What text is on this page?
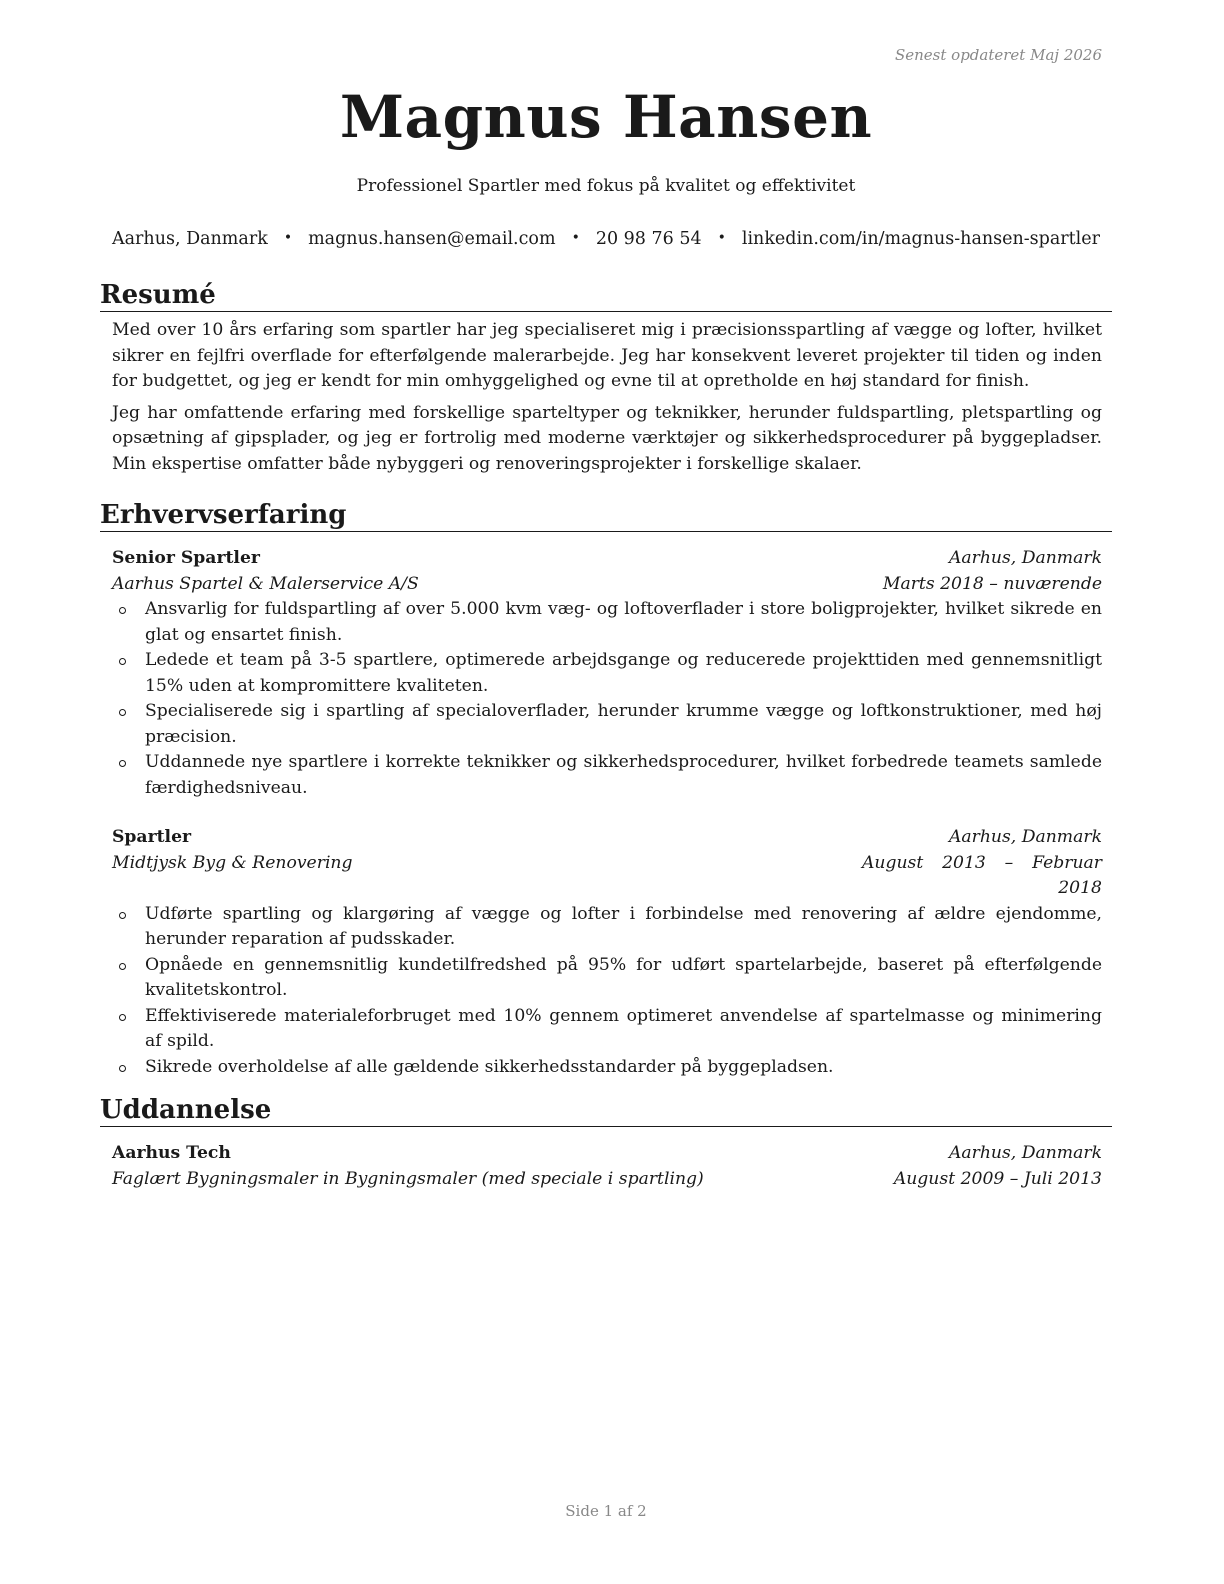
Senest opdateret Maj 2026
Magnus Hansen
Professionel Spartler med fokus på kvalitet og effektivitet
Aarhus, Danmark • magnus.hansen@email.com • 20 98 76 54 • linkedin.com/in/magnus-hansen-spartler
Resumé

Med over 10 års erfaring som spartler har jeg specialiseret mig i præcisionsspartling af vægge og lofter, hvilket sikrer en fejlfri overflade for efterfølgende malerarbejde. Jeg har konsekvent leveret projekter til tiden og inden for budgettet, og jeg er kendt for min omhyggelighed og evne til at opretholde en høj standard for finish.

Jeg har omfattende erfaring med forskellige sparteltyper og teknikker, herunder fuldspartling, pletspartling og opsætning af gipsplader, og jeg er fortrolig med moderne værktøjer og sikkerhedsprocedurer på byggepladser. Min ekspertise omfatter både nybyggeri og renoveringsprojekter i forskellige skalaer.

Erhvervserfaring
Senior Spartler	Aarhus, Danmark
Aarhus Spartel & Malerservice A/S	Marts 2018 – nuværende
Ansvarlig for fuldspartling af over 5.000 kvm væg- og loftoverflader i store boligprojekter, hvilket sikrede en glat og ensartet finish.
Ledede et team på 3-5 spartlere, optimerede arbejdsgange og reducerede projekttiden med gennemsnitligt 15% uden at kompromittere kvaliteten.
Specialiserede sig i spartling af specialoverflader, herunder krumme vægge og loftkonstruktioner, med høj præcision.
Uddannede nye spartlere i korrekte teknikker og sikkerhedsprocedurer, hvilket forbedrede teamets samlede færdighedsniveau.
Spartler	Aarhus, Danmark
Midtjysk Byg & Renovering	August 2013 – Februar 2018
Udførte spartling og klargøring af vægge og lofter i forbindelse med renovering af ældre ejendomme, herunder reparation af pudsskader.
Opnåede en gennemsnitlig kundetilfredshed på 95% for udført spartelarbejde, baseret på efterfølgende kvalitetskontrol.
Effektiviserede materialeforbruget med 10% gennem optimeret anvendelse af spartelmasse og minimering af spild.
Sikrede overholdelse af alle gældende sikkerhedsstandarder på byggepladsen.
Uddannelse
Aarhus Tech	Aarhus, Danmark
Faglært Bygningsmaler in Bygningsmaler (med speciale i spartling)	August 2009 – Juli 2013
Side 1 af 2
